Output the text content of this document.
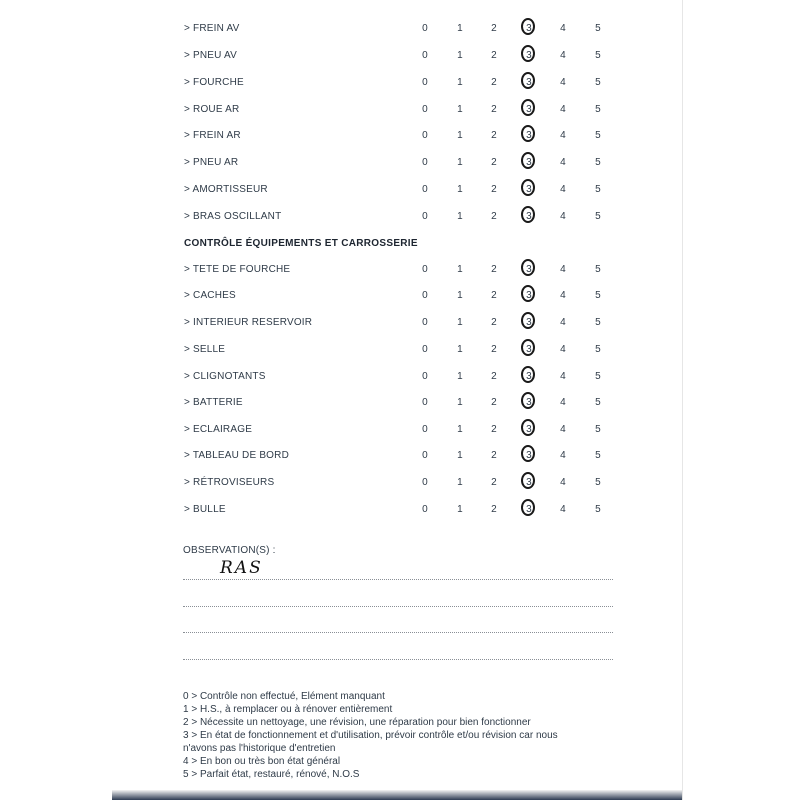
> FREIN AV	0	1	2	3	4	5
> PNEU AV	0	1	2	3	4	5
> FOURCHE	0	1	2	3	4	5
> ROUE AR	0	1	2	3	4	5
> FREIN AR	0	1	2	3	4	5
> PNEU AR	0	1	2	3	4	5
> AMORTISSEUR	0	1	2	3	4	5
> BRAS OSCILLANT	0	1	2	3	4	5
CONTRÔLE ÉQUIPEMENTS ET CARROSSERIE
> TETE DE FOURCHE	0	1	2	3	4	5
> CACHES	0	1	2	3	4	5
> INTERIEUR RESERVOIR	0	1	2	3	4	5
> SELLE	0	1	2	3	4	5
> CLIGNOTANTS	0	1	2	3	4	5
> BATTERIE	0	1	2	3	4	5
> ECLAIRAGE	0	1	2	3	4	5
> TABLEAU DE BORD	0	1	2	3	4	5
> RÉTROVISEURS	0	1	2	3	4	5
> BULLE	0	1	2	3	4	5
OBSERVATION(S) :
RAS
0 > Contrôle non effectué, Elément manquant
1 > H.S., à remplacer ou à rénover entièrement
2 > Nécessite un nettoyage, une révision, une réparation pour bien fonctionner
3 > En état de fonctionnement et d'utilisation, prévoir contrôle et/ou révision car nous
n'avons pas l'historique d'entretien
4 > En bon ou très bon état général
5 > Parfait état, restauré, rénové, N.O.S
